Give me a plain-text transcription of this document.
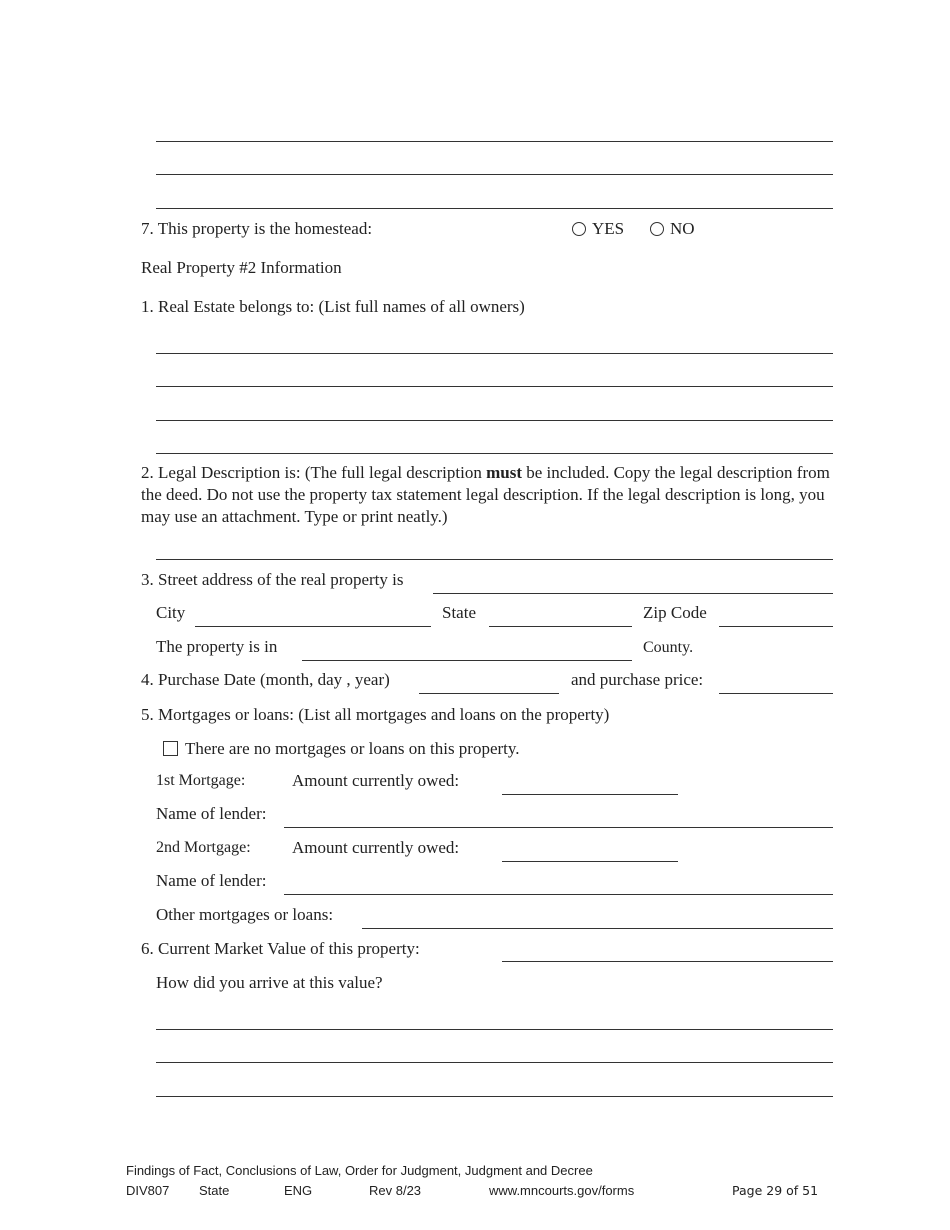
7. This property is the homestead:	YES	NO
Real Property #2 Information
1. Real Estate belongs to: (List full names of all owners)
2. Legal Description is: (The full legal description must be included. Copy the legal description from the deed. Do not use the property tax statement legal description. If the legal description is long, you may use an attachment. Type or print neatly.)
3. Street address of the real property is
City	State	Zip Code
The property is in	County.
4. Purchase Date (month, day , year)	and purchase price:
5. Mortgages or loans: (List all mortgages and loans on the property)
There are no mortgages or loans on this property.
1st Mortgage:	Amount currently owed:
Name of lender:
2nd Mortgage: Amount currently owed:
Name of lender:
Other mortgages or loans:
6. Current Market Value of this property:
How did you arrive at this value?
Findings of Fact, Conclusions of Law, Order for Judgment, Judgment and Decree
DIV807 State	ENG	Rev 8/23	www.mncourts.gov/forms	Page 29 of 51
